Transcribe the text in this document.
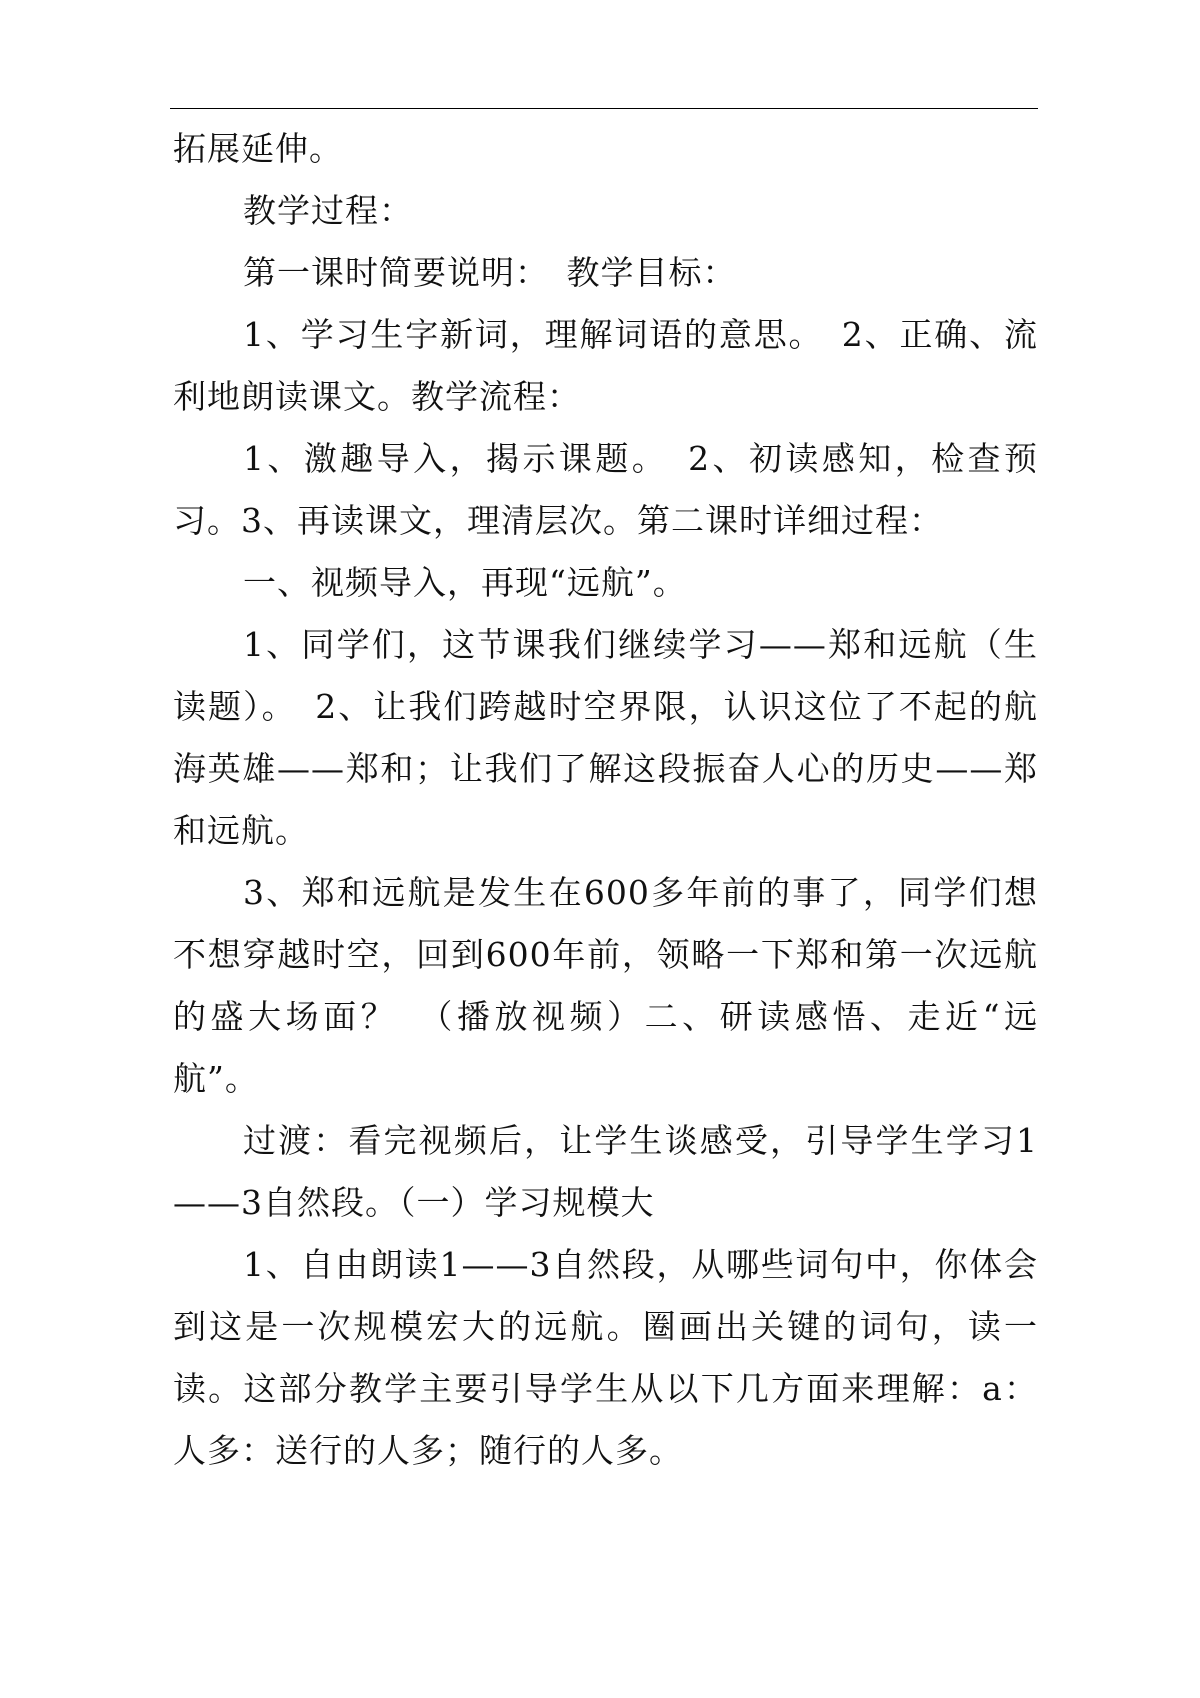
拓展延伸。

教学过程：

第一课时简要说明：　教学目标：

1、学习生字新词，理解词语的意思。　2、正确、流利地朗读课文。教学流程：

1、激趣导入，揭示课题。　2、初读感知，检查预习。3、再读课文，理清层次。第二课时详细过程：

一、视频导入，再现“远航”。

1、同学们，这节课我们继续学习——郑和远航（生读题）。　2、让我们跨越时空界限，认识这位了不起的航海英雄——郑和；让我们了解这段振奋人心的历史——郑和远航。

3、郑和远航是发生在600多年前的事了，同学们想不想穿越时空，回到600年前，领略一下郑和第一次远航的盛大场面？　（播放视频）二、研读感悟、走近“远航”。

过渡：看完视频后，让学生谈感受，引导学生学习1——3自然段。（一）学习规模大

1、自由朗读1——3自然段，从哪些词句中，你体会到这是一次规模宏大的远航。圈画出关键的词句，读一读。这部分教学主要引导学生从以下几方面来理解：a：人多：送行的人多；随行的人多。
